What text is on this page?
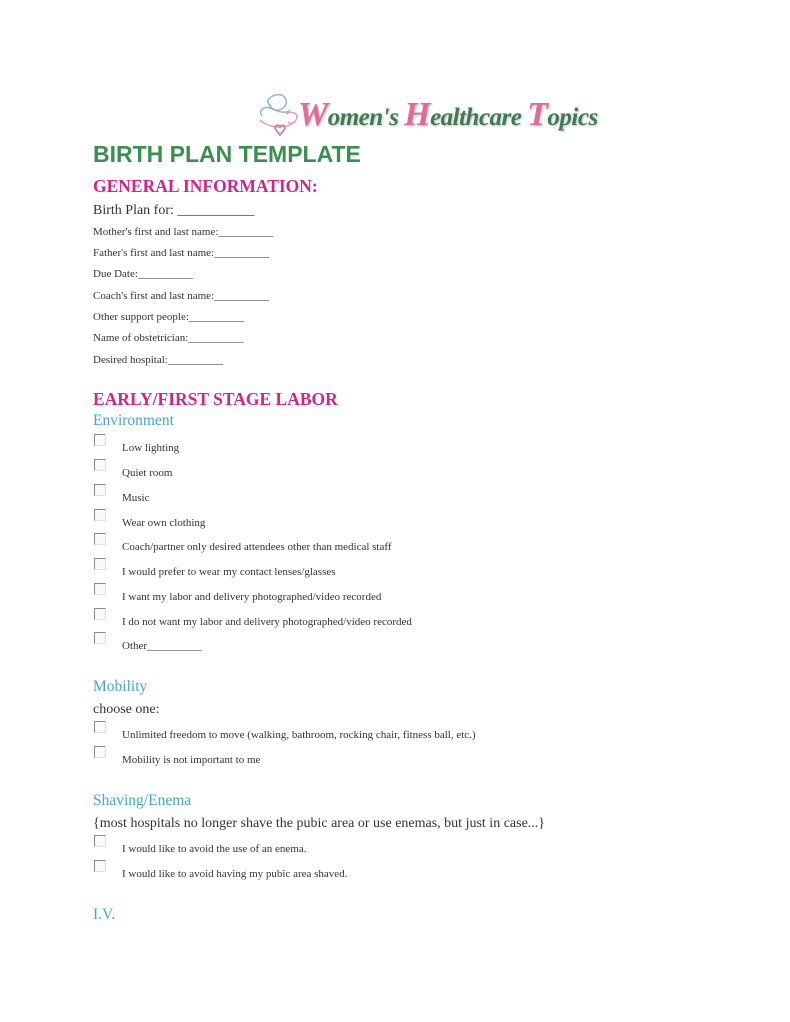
Women's Healthcare Topics
BIRTH PLAN TEMPLATE
GENERAL INFORMATION:
Birth Plan for: ___________
Mother's first and last name:__________
Father's first and last name:__________
Due Date:__________
Coach's first and last name:__________
Other support people:__________
Name of obstetrician:__________
Desired hospital:__________
EARLY/FIRST STAGE LABOR
Environment
Low lighting
Quiet room
Music
Wear own clothing
Coach/partner only desired attendees other than medical staff
I would prefer to wear my contact lenses/glasses
I want my labor and delivery photographed/video recorded
I do not want my labor and delivery photographed/video recorded
Other__________
Mobility
choose one:
Unlimited freedom to move (walking, bathroom, rocking chair, fitness ball, etc.)
Mobility is not important to me
Shaving/Enema
{most hospitals no longer shave the pubic area or use enemas, but just in case...}
I would like to avoid the use of an enema.
I would like to avoid having my pubic area shaved.
I.V.
